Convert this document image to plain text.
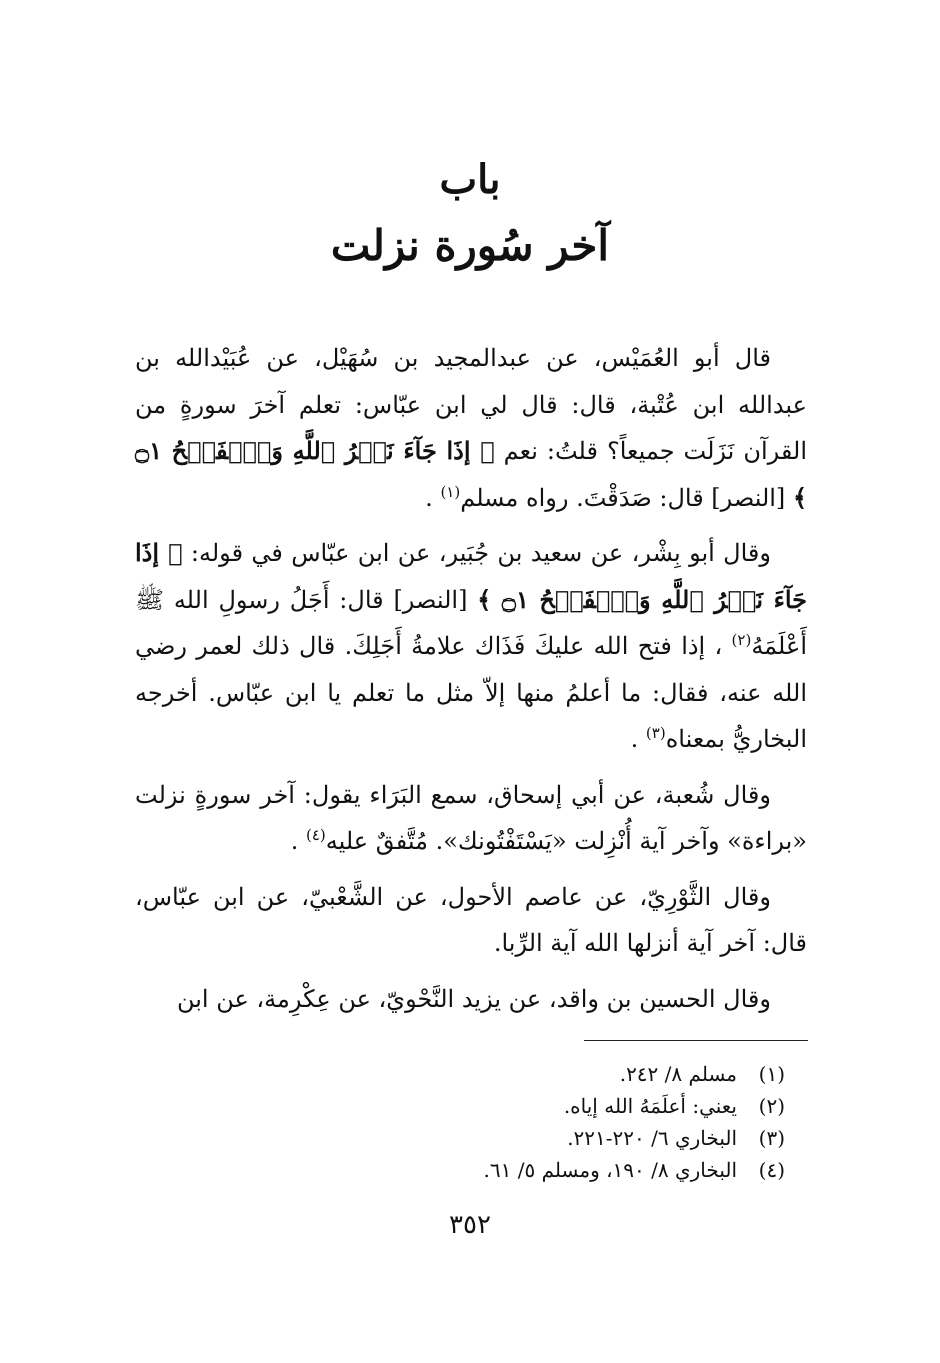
باب
آخر سُورة نزلت

قال أبو العُمَيْس، عن عبدالمجيد بن سُهَيْل، عن عُبَيْدالله بن عبدالله ابن عُتْبة، قال: قال لي ابن عبّاس: تعلم آخرَ سورةٍ من القرآن نَزَلَت جميعاً؟ قلتُ: نعم ﴿ إذَا جَآءَ نَصۡرُ ٱللَّهِ وَٱلۡفَتۡحُ ۝١ ﴾ [النصر] قال: صَدَقْتَ. رواه مسلم$^{(١)}$ .

وقال أبو بِشْر، عن سعيد بن جُبَير، عن ابن عبّاس في قوله: ﴿ إذَا جَآءَ نَصۡرُ ٱللَّهِ وَٱلۡفَتۡحُ ۝١ ﴾ [النصر] قال: أَجَلُ رسولِ الله ﷺ أَعْلَمَهُ$^{(٢)}$ ، إذا فتح الله عليكَ فَذَاك علامةُ أَجَلِكَ. قال ذلك لعمر رضي الله عنه، فقال: ما أعلمُ منها إلاّ مثل ما تعلم يا ابن عبّاس. أخرجه البخاريُّ بمعناه$^{(٣)}$ .

وقال شُعبة، عن أبي إسحاق، سمع البَرَاء يقول: آخر سورةٍ نزلت «براءة» وآخر آية أُنْزِلت «يَسْتَفْتُونك». مُتَّفقٌ عليه$^{(٤)}$ .

وقال الثَّوْرِيّ، عن عاصم الأحول، عن الشَّعْبيّ، عن ابن عبّاس، قال: آخر آية أنزلها الله آية الرِّبا.

وقال الحسين بن واقد، عن يزيد النَّحْويّ، عن عِكْرِمة، عن ابن

(١)
مسلم ٨/ ٢٤٢.
(٢)
يعني: أعلَمَهُ الله إياه.
(٣)
البخاري ٦/ ٢٢٠-٢٢١.
(٤)
البخاري ٨/ ١٩٠، ومسلم ٥/ ٦١.
٣٥٢
